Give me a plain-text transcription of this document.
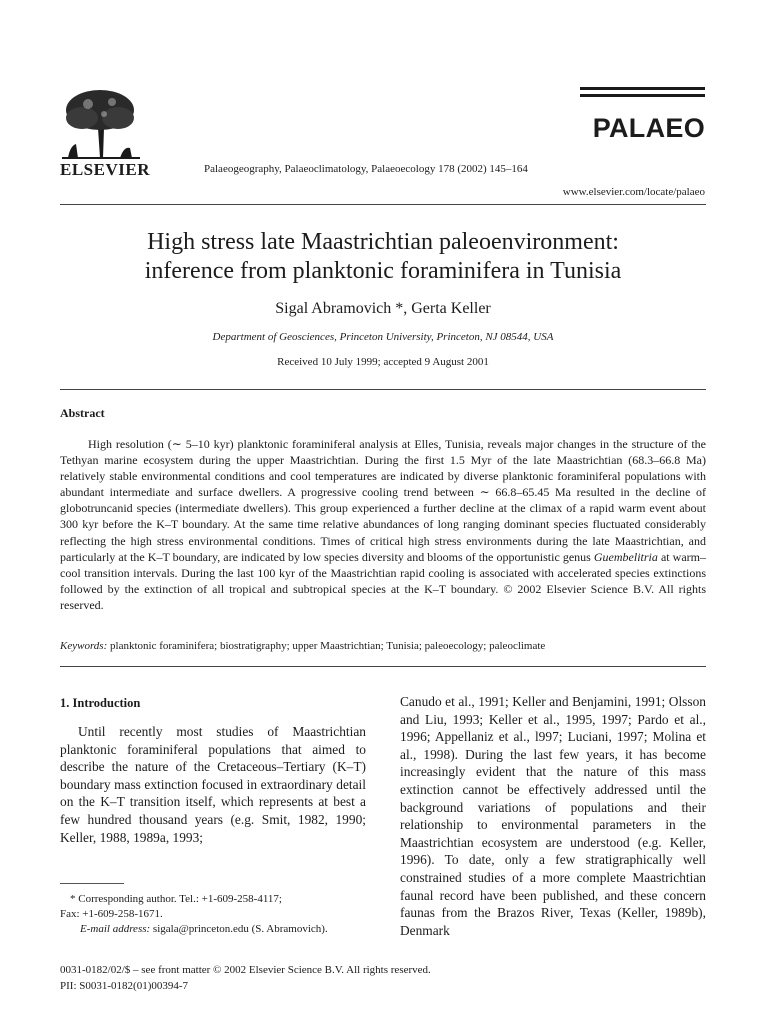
ELSEVIER	Palaeogeography, Palaeoclimatology, Palaeoecology 178 (2002) 145–164
PALAEO
www.elsevier.com/locate/palaeo
High stress late Maastrichtian paleoenvironment:
inference from planktonic foraminifera in Tunisia
Sigal Abramovich *, Gerta Keller
Department of Geosciences, Princeton University, Princeton, NJ 08544, USA
Received 10 July 1999; accepted 9 August 2001
Abstract

High resolution (∼ 5–10 kyr) planktonic foraminiferal analysis at Elles, Tunisia, reveals major changes in the structure of the Tethyan marine ecosystem during the upper Maastrichtian. During the first 1.5 Myr of the late Maastrichtian (68.3–66.8 Ma) relatively stable environmental conditions and cool temperatures are indicated by diverse planktonic foraminiferal populations with abundant intermediate and surface dwellers. A progressive cooling trend between ∼ 66.8–65.45 Ma resulted in the decline of globotruncanid species (intermediate dwellers). This group experienced a further decline at the climax of a rapid warm event about 300 kyr before the K–T boundary. At the same time relative abundances of long ranging dominant species fluctuated considerably reflecting the high stress environmental conditions. Times of critical high stress environments during the late Maastrichtian, and particularly at the K–T boundary, are indicated by low species diversity and blooms of the opportunistic genus Guembelitria at warm–cool transition intervals. During the last 100 kyr of the Maastrichtian rapid cooling is associated with accelerated species extinctions followed by the extinction of all tropical and subtropical species at the K–T boundary. © 2002 Elsevier Science B.V. All rights reserved.

Keywords: planktonic foraminifera; biostratigraphy; upper Maastrichtian; Tunisia; paleoecology; paleoclimate
1. Introduction

Until recently most studies of Maastrichtian planktonic foraminiferal populations that aimed to describe the nature of the Cretaceous–Tertiary (K–T) boundary mass extinction focused in extraordinary detail on the K–T transition itself, which represents at best a few hundred thousand years (e.g. Smit, 1982, 1990; Keller, 1988, 1989a, 1993;

Canudo et al., 1991; Keller and Benjamini, 1991; Olsson and Liu, 1993; Keller et al., 1995, 1997; Pardo et al., 1996; Appellaniz et al., l997; Luciani, 1997; Molina et al., 1998). During the last few years, it has become increasingly evident that the nature of this mass extinction cannot be effectively addressed until the background variations of populations and their relationship to environmental parameters in the Maastrichtian ecosystem are understood (e.g. Keller, 1996). To date, only a few stratigraphically well constrained studies of a more complete Maastrichtian faunal record have been published, and these concern faunas from the Brazos River, Texas (Keller, 1989b), Denmark

* Corresponding author. Tel.: +1-609-258-4117;
Fax: +1-609-258-1671.
E-mail address: sigala@princeton.edu (S. Abramovich).
0031-0182/02/$ – see front matter © 2002 Elsevier Science B.V. All rights reserved.
PII: S0031-0182(01)00394-7
